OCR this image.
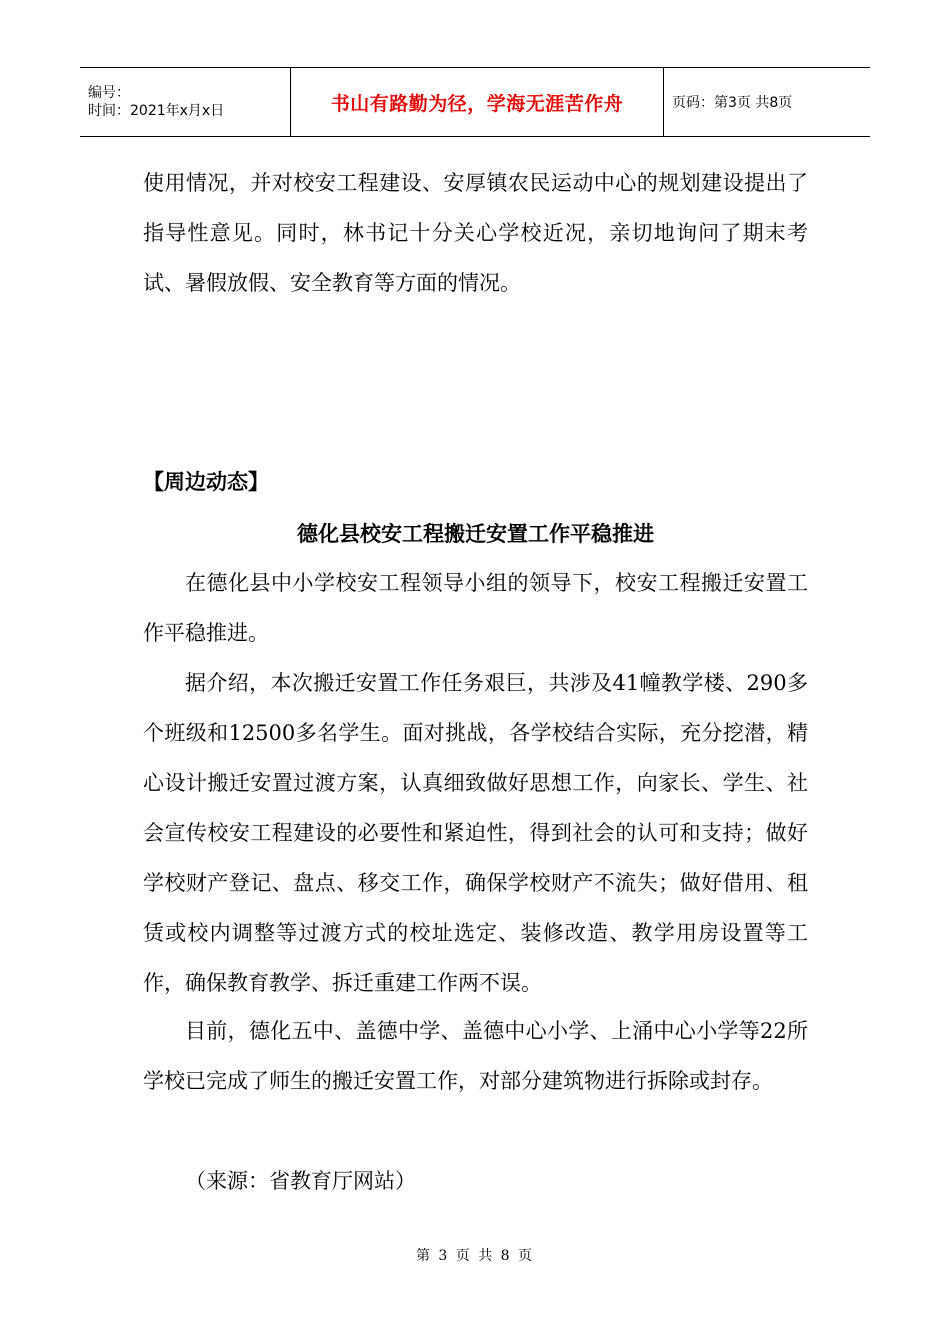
编号：
时间：2021年x月x日	书山有路勤为径，学海无涯苦作舟	页码：第3页 共8页

使用情况，并对校安工程建设、安厚镇农民运动中心的规划建设提出了指导性意见。同时，林书记十分关心学校近况，亲切地询问了期末考试、暑假放假、安全教育等方面的情况。

【周边动态】

德化县校安工程搬迁安置工作平稳推进

在德化县中小学校安工程领导小组的领导下，校安工程搬迁安置工作平稳推进。

据介绍，本次搬迁安置工作任务艰巨，共涉及41幢教学楼、290多个班级和12500多名学生。面对挑战，各学校结合实际，充分挖潜，精心设计搬迁安置过渡方案，认真细致做好思想工作，向家长、学生、社会宣传校安工程建设的必要性和紧迫性，得到社会的认可和支持；做好学校财产登记、盘点、移交工作，确保学校财产不流失；做好借用、租赁或校内调整等过渡方式的校址选定、装修改造、教学用房设置等工作，确保教育教学、拆迁重建工作两不误。

目前，德化五中、盖德中学、盖德中心小学、上涌中心小学等22所学校已完成了师生的搬迁安置工作，对部分建筑物进行拆除或封存。

（来源：省教育厅网站）

第 3 页 共 8 页
